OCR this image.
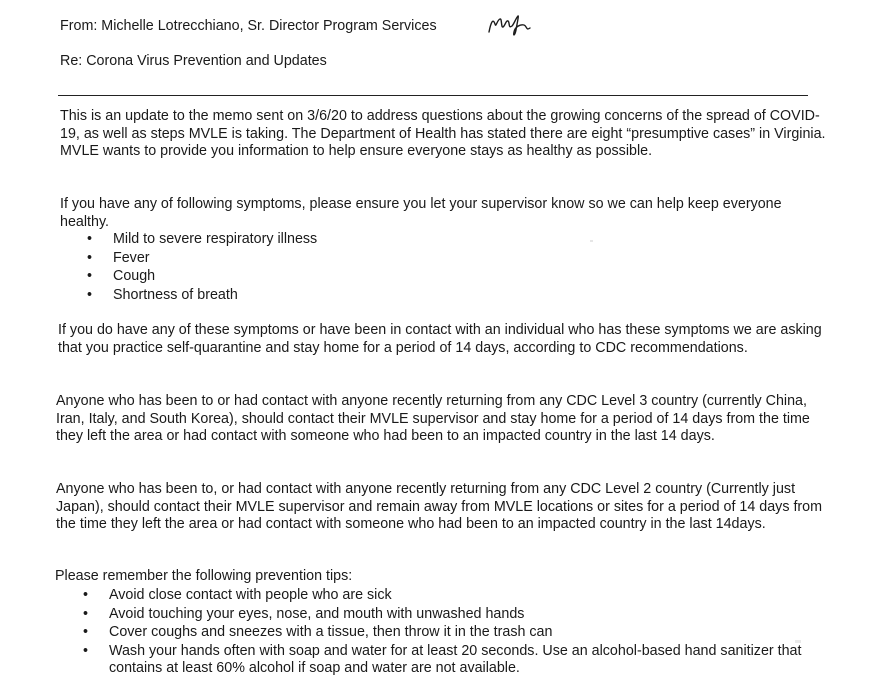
From: Michelle Lotrecchiano, Sr. Director Program Services
Re: Corona Virus Prevention and Updates

This is an update to the memo sent on 3/6/20 to address questions about the growing concerns of the spread of COVID-19, as well as steps MVLE is taking. The Department of Health has stated there are eight “presumptive cases” in Virginia. MVLE wants to provide you information to help ensure everyone stays as healthy as possible.

If you have any of following symptoms, please ensure you let your supervisor know so we can help keep everyone healthy.

• Mild to severe respiratory illness
• Fever
• Cough
• Shortness of breath

If you do have any of these symptoms or have been in contact with an individual who has these symptoms we are asking that you practice self-quarantine and stay home for a period of 14 days, according to CDC recommendations.

Anyone who has been to or had contact with anyone recently returning from any CDC Level 3 country (currently China, Iran, Italy, and South Korea), should contact their MVLE supervisor and stay home for a period of 14 days from the time they left the area or had contact with someone who had been to an impacted country in the last 14 days.

Anyone who has been to, or had contact with anyone recently returning from any CDC Level 2 country (Currently just Japan), should contact their MVLE supervisor and remain away from MVLE locations or sites for a period of 14 days from the time they left the area or had contact with someone who had been to an impacted country in the last 14days.

Please remember the following prevention tips:

• Avoid close contact with people who are sick
• Avoid touching your eyes, nose, and mouth with unwashed hands
• Cover coughs and sneezes with a tissue, then throw it in the trash can
• Wash your hands often with soap and water for at least 20 seconds. Use an alcohol-based hand sanitizer that contains at least 60% alcohol if soap and water are not available.
